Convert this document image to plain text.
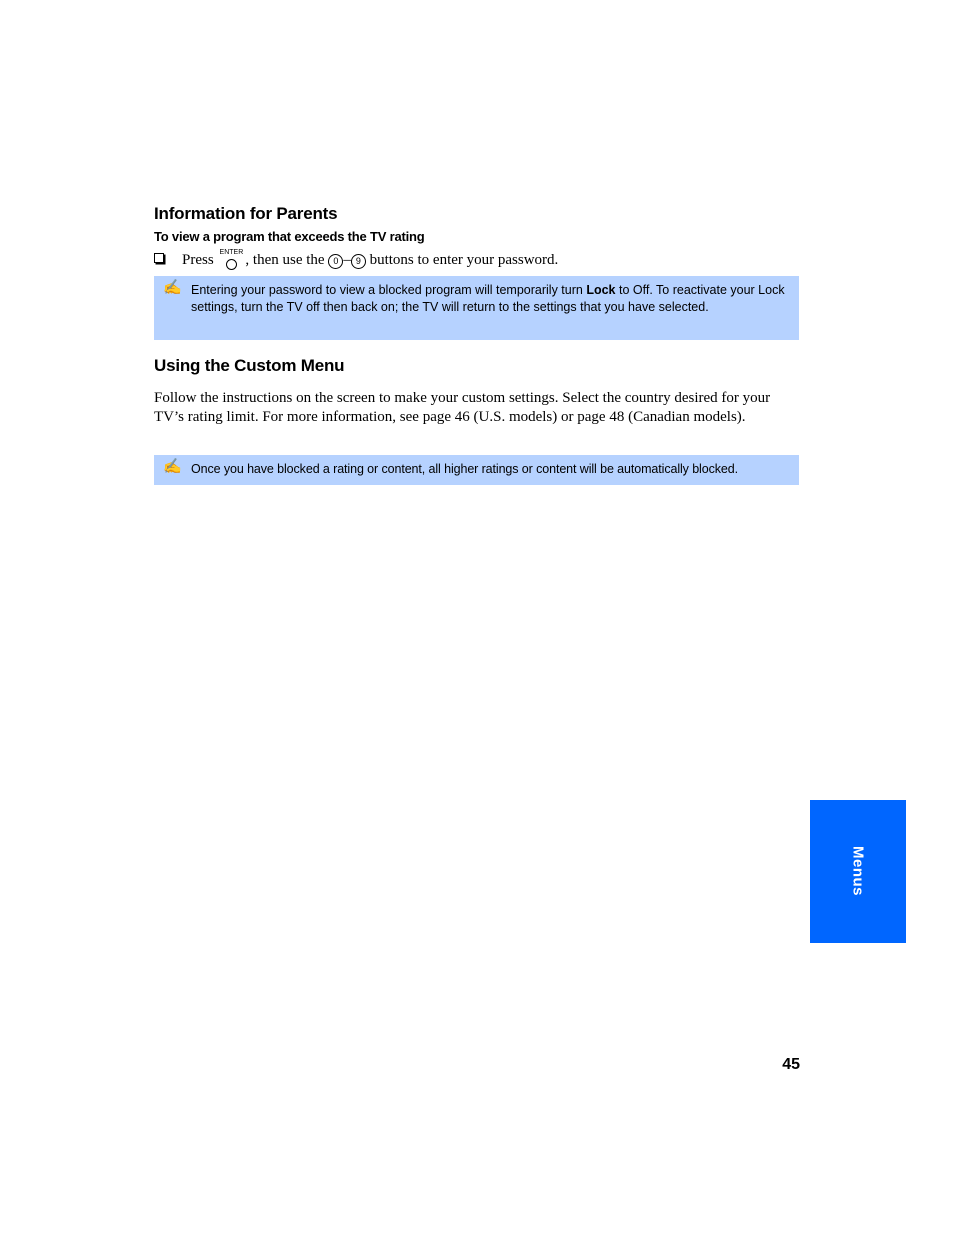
Information for Parents
To view a program that exceeds the TV rating
Press ENTER , then use the 0 – 9 buttons to enter your password.
✍ Entering your password to view a blocked program will temporarily turn Lock to Off. To reactivate your Lock settings, turn the TV off then back on; the TV will return to the settings that you have selected.
Using the Custom Menu

Follow the instructions on the screen to make your custom settings. Select the country desired for your TV’s rating limit. For more information, see page 46 (U.S. models) or page 48 (Canadian models).

✍ Once you have blocked a rating or content, all higher ratings or content will be automatically blocked.
Menus
45
